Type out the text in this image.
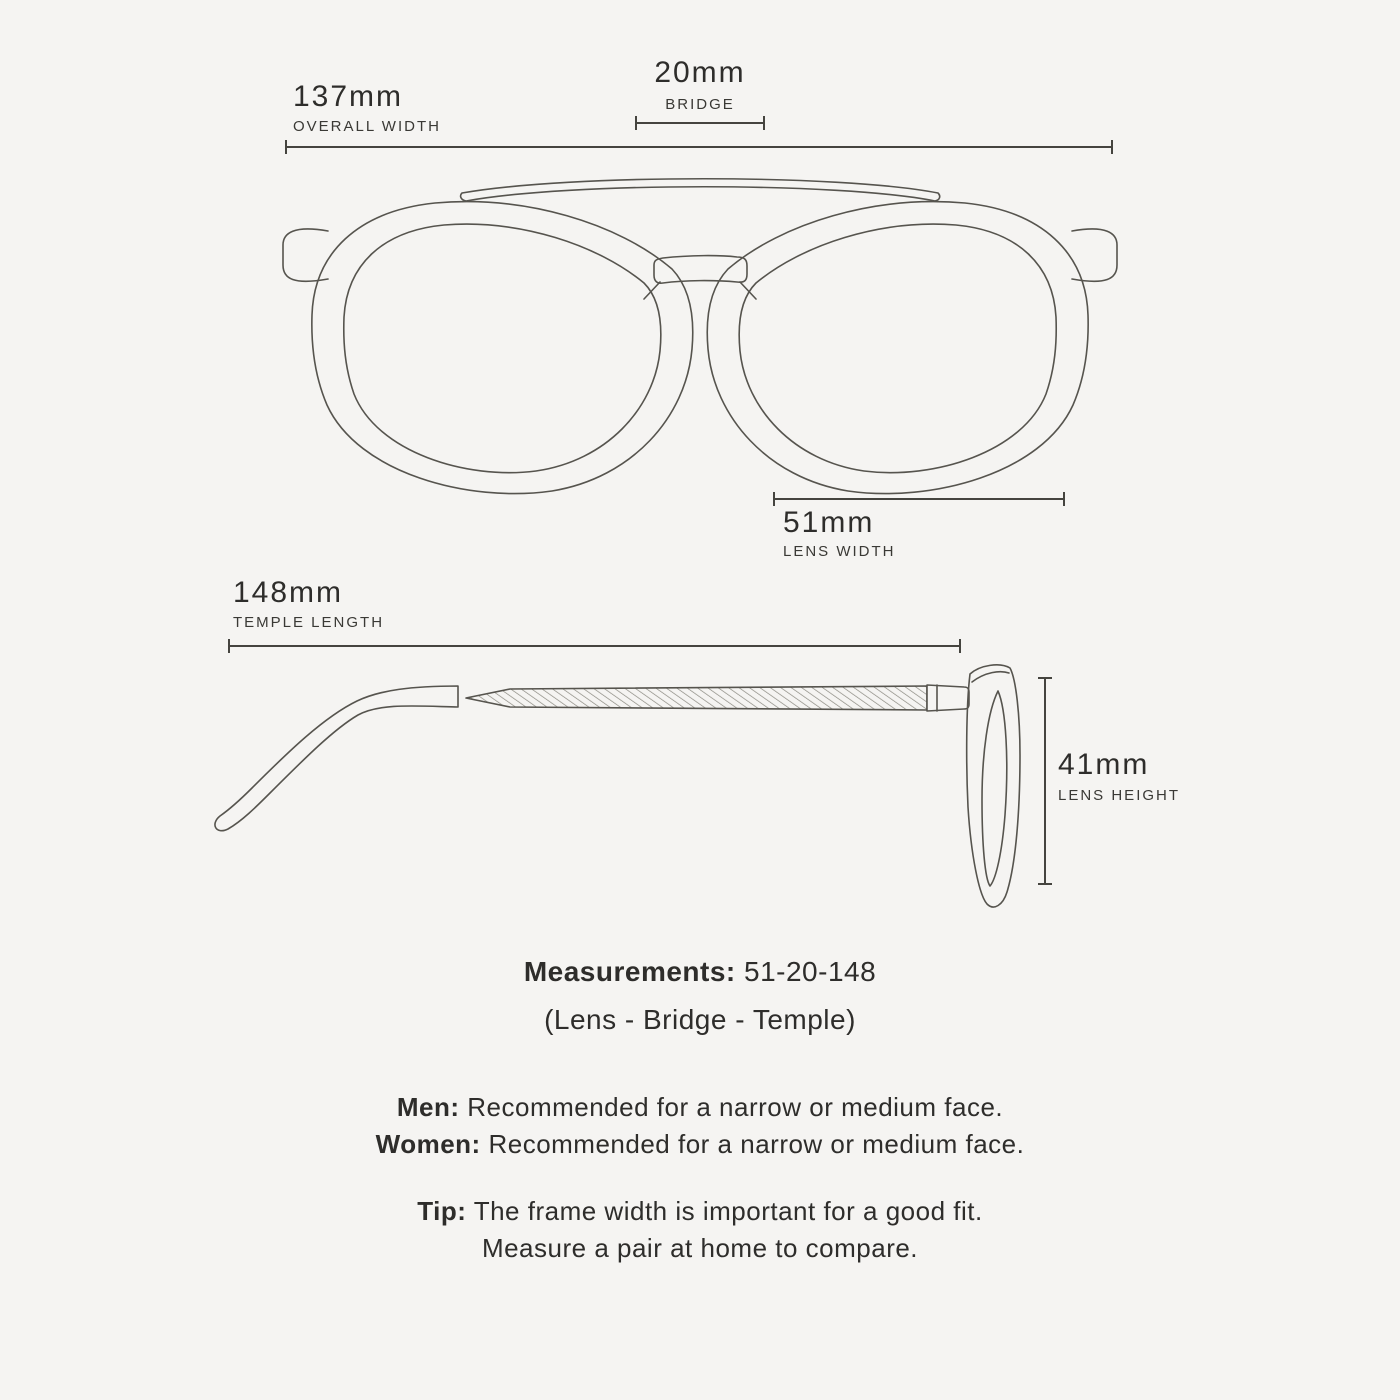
137mm
OVERALL WIDTH
20mm
BRIDGE
51mm
LENS WIDTH
148mm
TEMPLE LENGTH
41mm
LENS HEIGHT
Measurements: 51-20-148
(Lens - Bridge - Temple)
Men: Recommended for a narrow or medium face.
Women: Recommended for a narrow or medium face.
Tip: The frame width is important for a good fit.
Measure a pair at home to compare.
